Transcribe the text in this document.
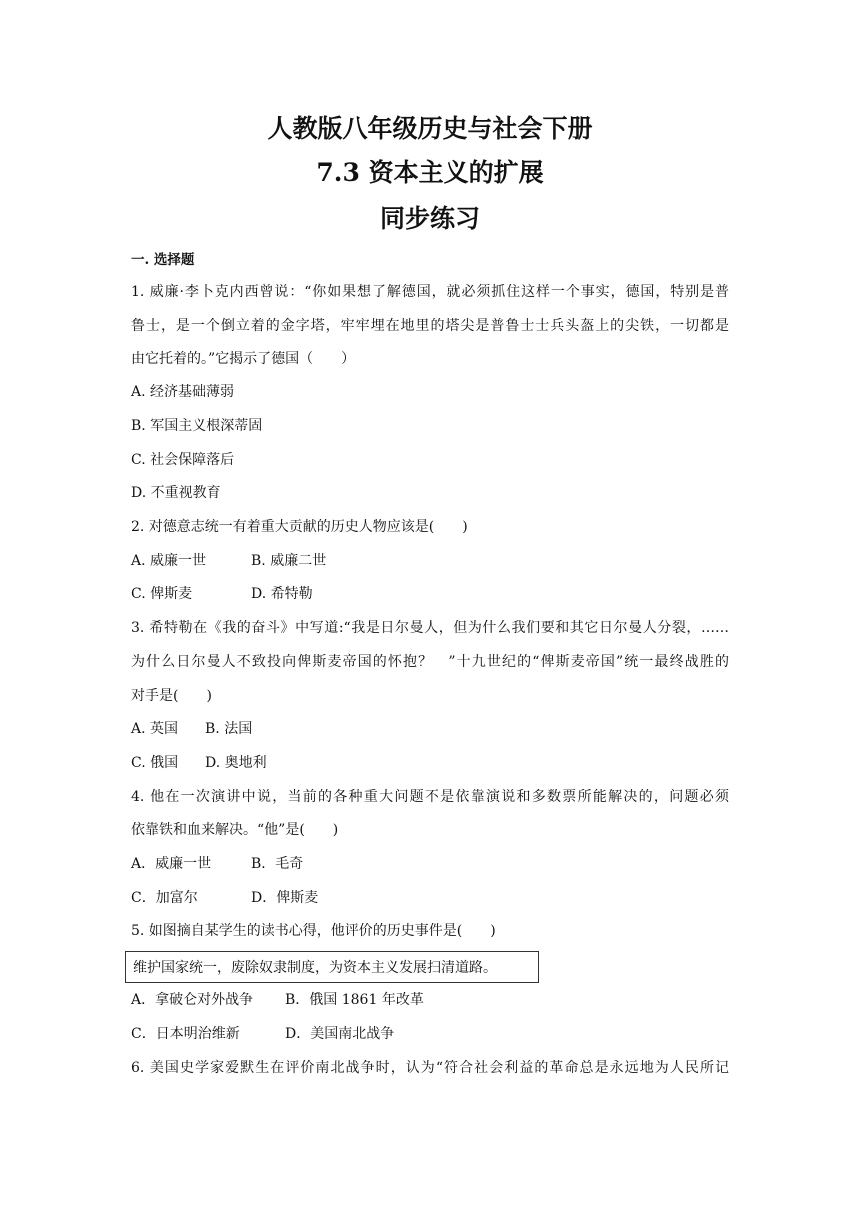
人教版八年级历史与社会下册
7.3 资本主义的扩展
同步练习
一. 选择题
1. 威廉·李卜克内西曾说：“你如果想了解德国，就必须抓住这样一个事实，德国，特别是普
鲁士，是一个倒立着的金字塔，牢牢埋在地里的塔尖是普鲁士士兵头盔上的尖铁，一切都是
由它托着的。”它揭示了德国（　　）
A. 经济基础薄弱
B. 军国主义根深蒂固
C. 社会保障落后
D. 不重视教育
2. 对德意志统一有着重大贡献的历史人物应该是(　　)
A. 威廉一世	B. 威廉二世
C. 俾斯麦	D. 希特勒
3. 希特勒在《我的奋斗》中写道:“我是日尔曼人，但为什么我们要和其它日尔曼人分裂，……
为什么日尔曼人不致投向俾斯麦帝国的怀抱？　”十九世纪的“俾斯麦帝国”统一最终战胜的
对手是(　　)
A. 英国 B. 法国
C. 俄国 D. 奥地利
4. 他在一次演讲中说，当前的各种重大问题不是依靠演说和多数票所能解决的，问题必须
依靠铁和血来解决。“他”是(　　)
A．威廉一世	B．毛奇
C．加富尔	D．俾斯麦
5. 如图摘自某学生的读书心得，他评价的历史事件是(　　)
维护国家统一，废除奴隶制度，为资本主义发展扫清道路。
A．拿破仑对外战争 B．俄国 1861 年改革
C．日本明治维新	D．美国南北战争
6. 美国史学家爱默生在评价南北战争时，认为“符合社会利益的革命总是永远地为人民所记
